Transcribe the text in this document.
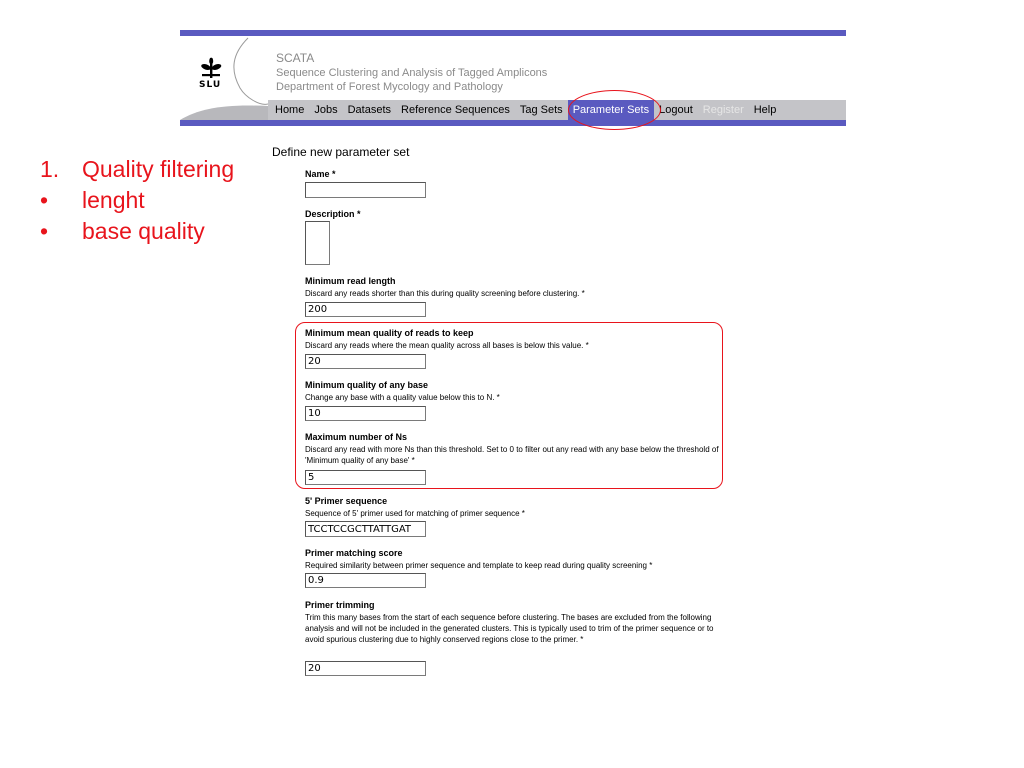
1. Quality filtering
•	lenght
•	base quality
SLU
SCATA
Sequence Clustering and Analysis of Tagged Amplicons
Department of Forest Mycology and Pathology
Home Jobs Datasets Reference Sequences Tag Sets Parameter Sets Logout Register Help
Define new parameter set
Name *
Description *
Minimum read length
Discard any reads shorter than this during quality screening before clustering. *
200
Minimum mean quality of reads to keep
Discard any reads where the mean quality across all bases is below this value. *
20
Minimum quality of any base
Change any base with a quality value below this to N. *
10
Maximum number of Ns
Discard any read with more Ns than this threshold. Set to 0 to filter out any read with any base below the threshold of 'Minimum quality of any base' *
5
5' Primer sequence
Sequence of 5' primer used for matching of primer sequence *
TCCTCCGCTTATTGAT
Primer matching score
Required similarity between primer sequence and template to keep read during quality screening *
0.9
Primer trimming
Trim this many bases from the start of each sequence before clustering. The bases are excluded from the following analysis and will not be included in the generated clusters. This is typically used to trim of the primer sequence or to avoid spurious clustering due to highly conserved regions close to the primer. *
20
